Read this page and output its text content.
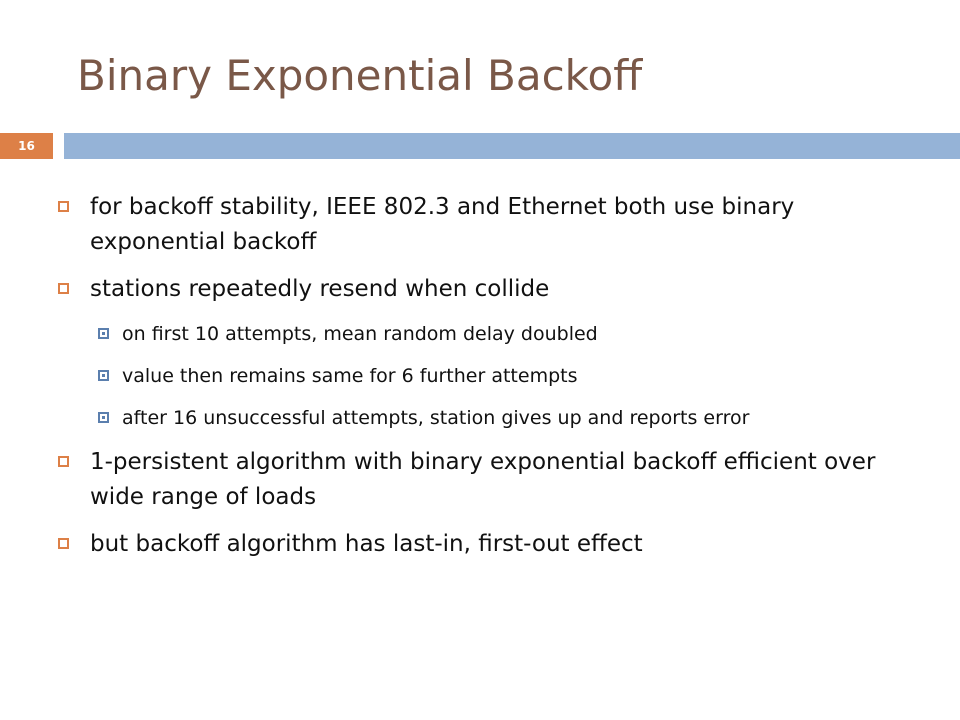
Binary Exponential Backoff
16
for backoff stability, IEEE 802.3 and Ethernet both use binary exponential backoff
stations repeatedly resend when collide
on first 10 attempts, mean random delay doubled
value then remains same for 6 further attempts
after 16 unsuccessful attempts, station gives up and reports error
1-persistent algorithm with binary exponential backoff efficient over wide range of loads
but backoff algorithm has last-in, first-out effect
